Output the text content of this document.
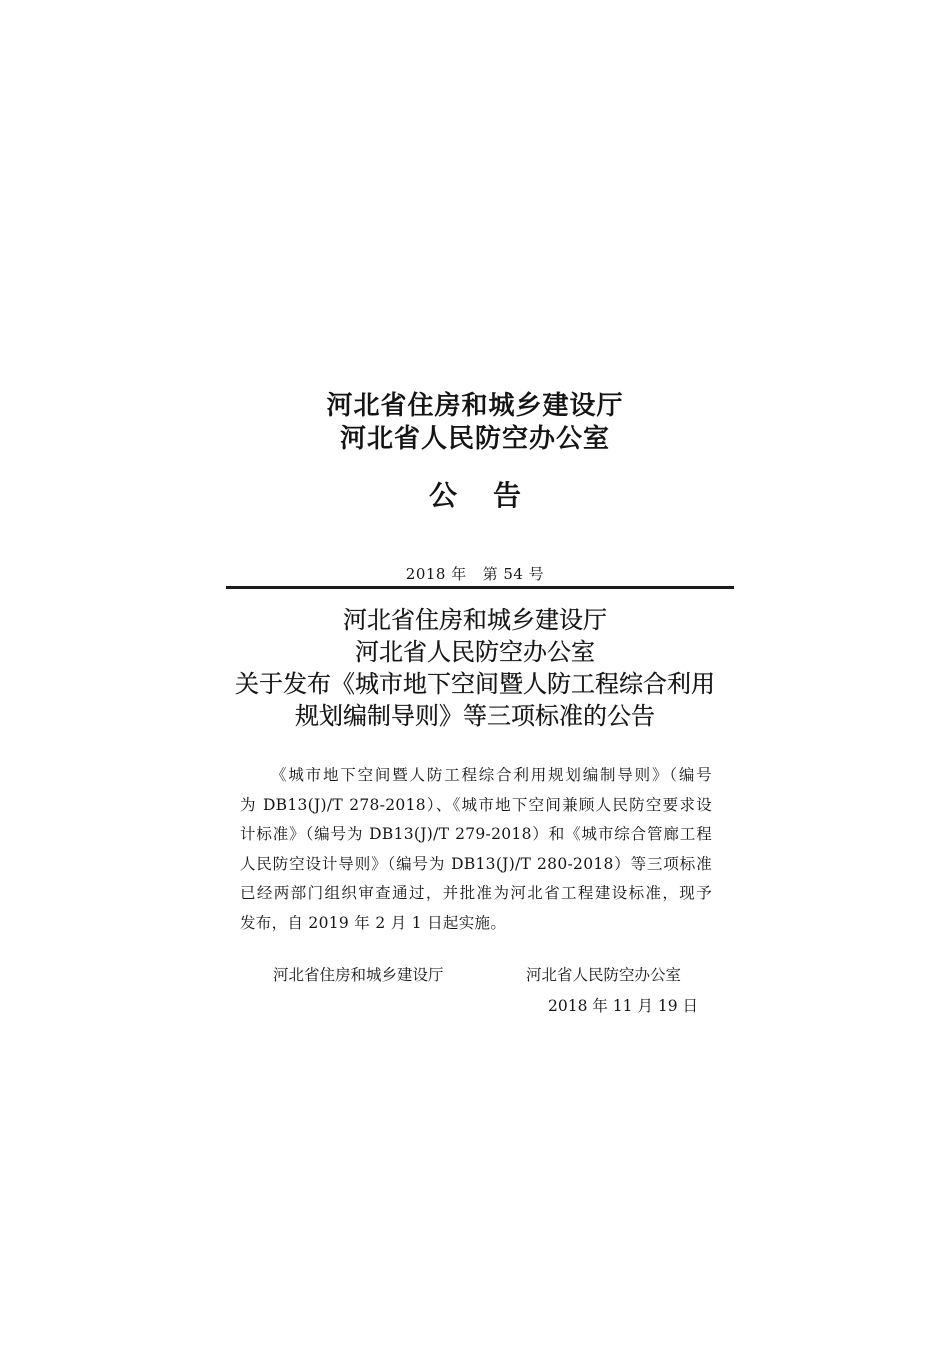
河北省住房和城乡建设厅
河北省人民防空办公室
公告
2018 年 第 54 号
河北省住房和城乡建设厅
河北省人民防空办公室
关于发布《城市地下空间暨人防工程综合利用
规划编制导则》等三项标准的公告
《城市地下空间暨人防工程综合利用规划编制导则》（编号
为 DB13(J)/T 278-2018）、《城市地下空间兼顾人民防空要求设
计标准》（编号为 DB13(J)/T 279-2018）和《城市综合管廊工程
人民防空设计导则》（编号为 DB13(J)/T 280-2018）等三项标准
已经两部门组织审查通过，并批准为河北省工程建设标准，现予
发布，自 2019 年 2 月 1 日起实施。
河北省住房和城乡建设厅	河北省人民防空办公室
2018 年 11 月 19 日
